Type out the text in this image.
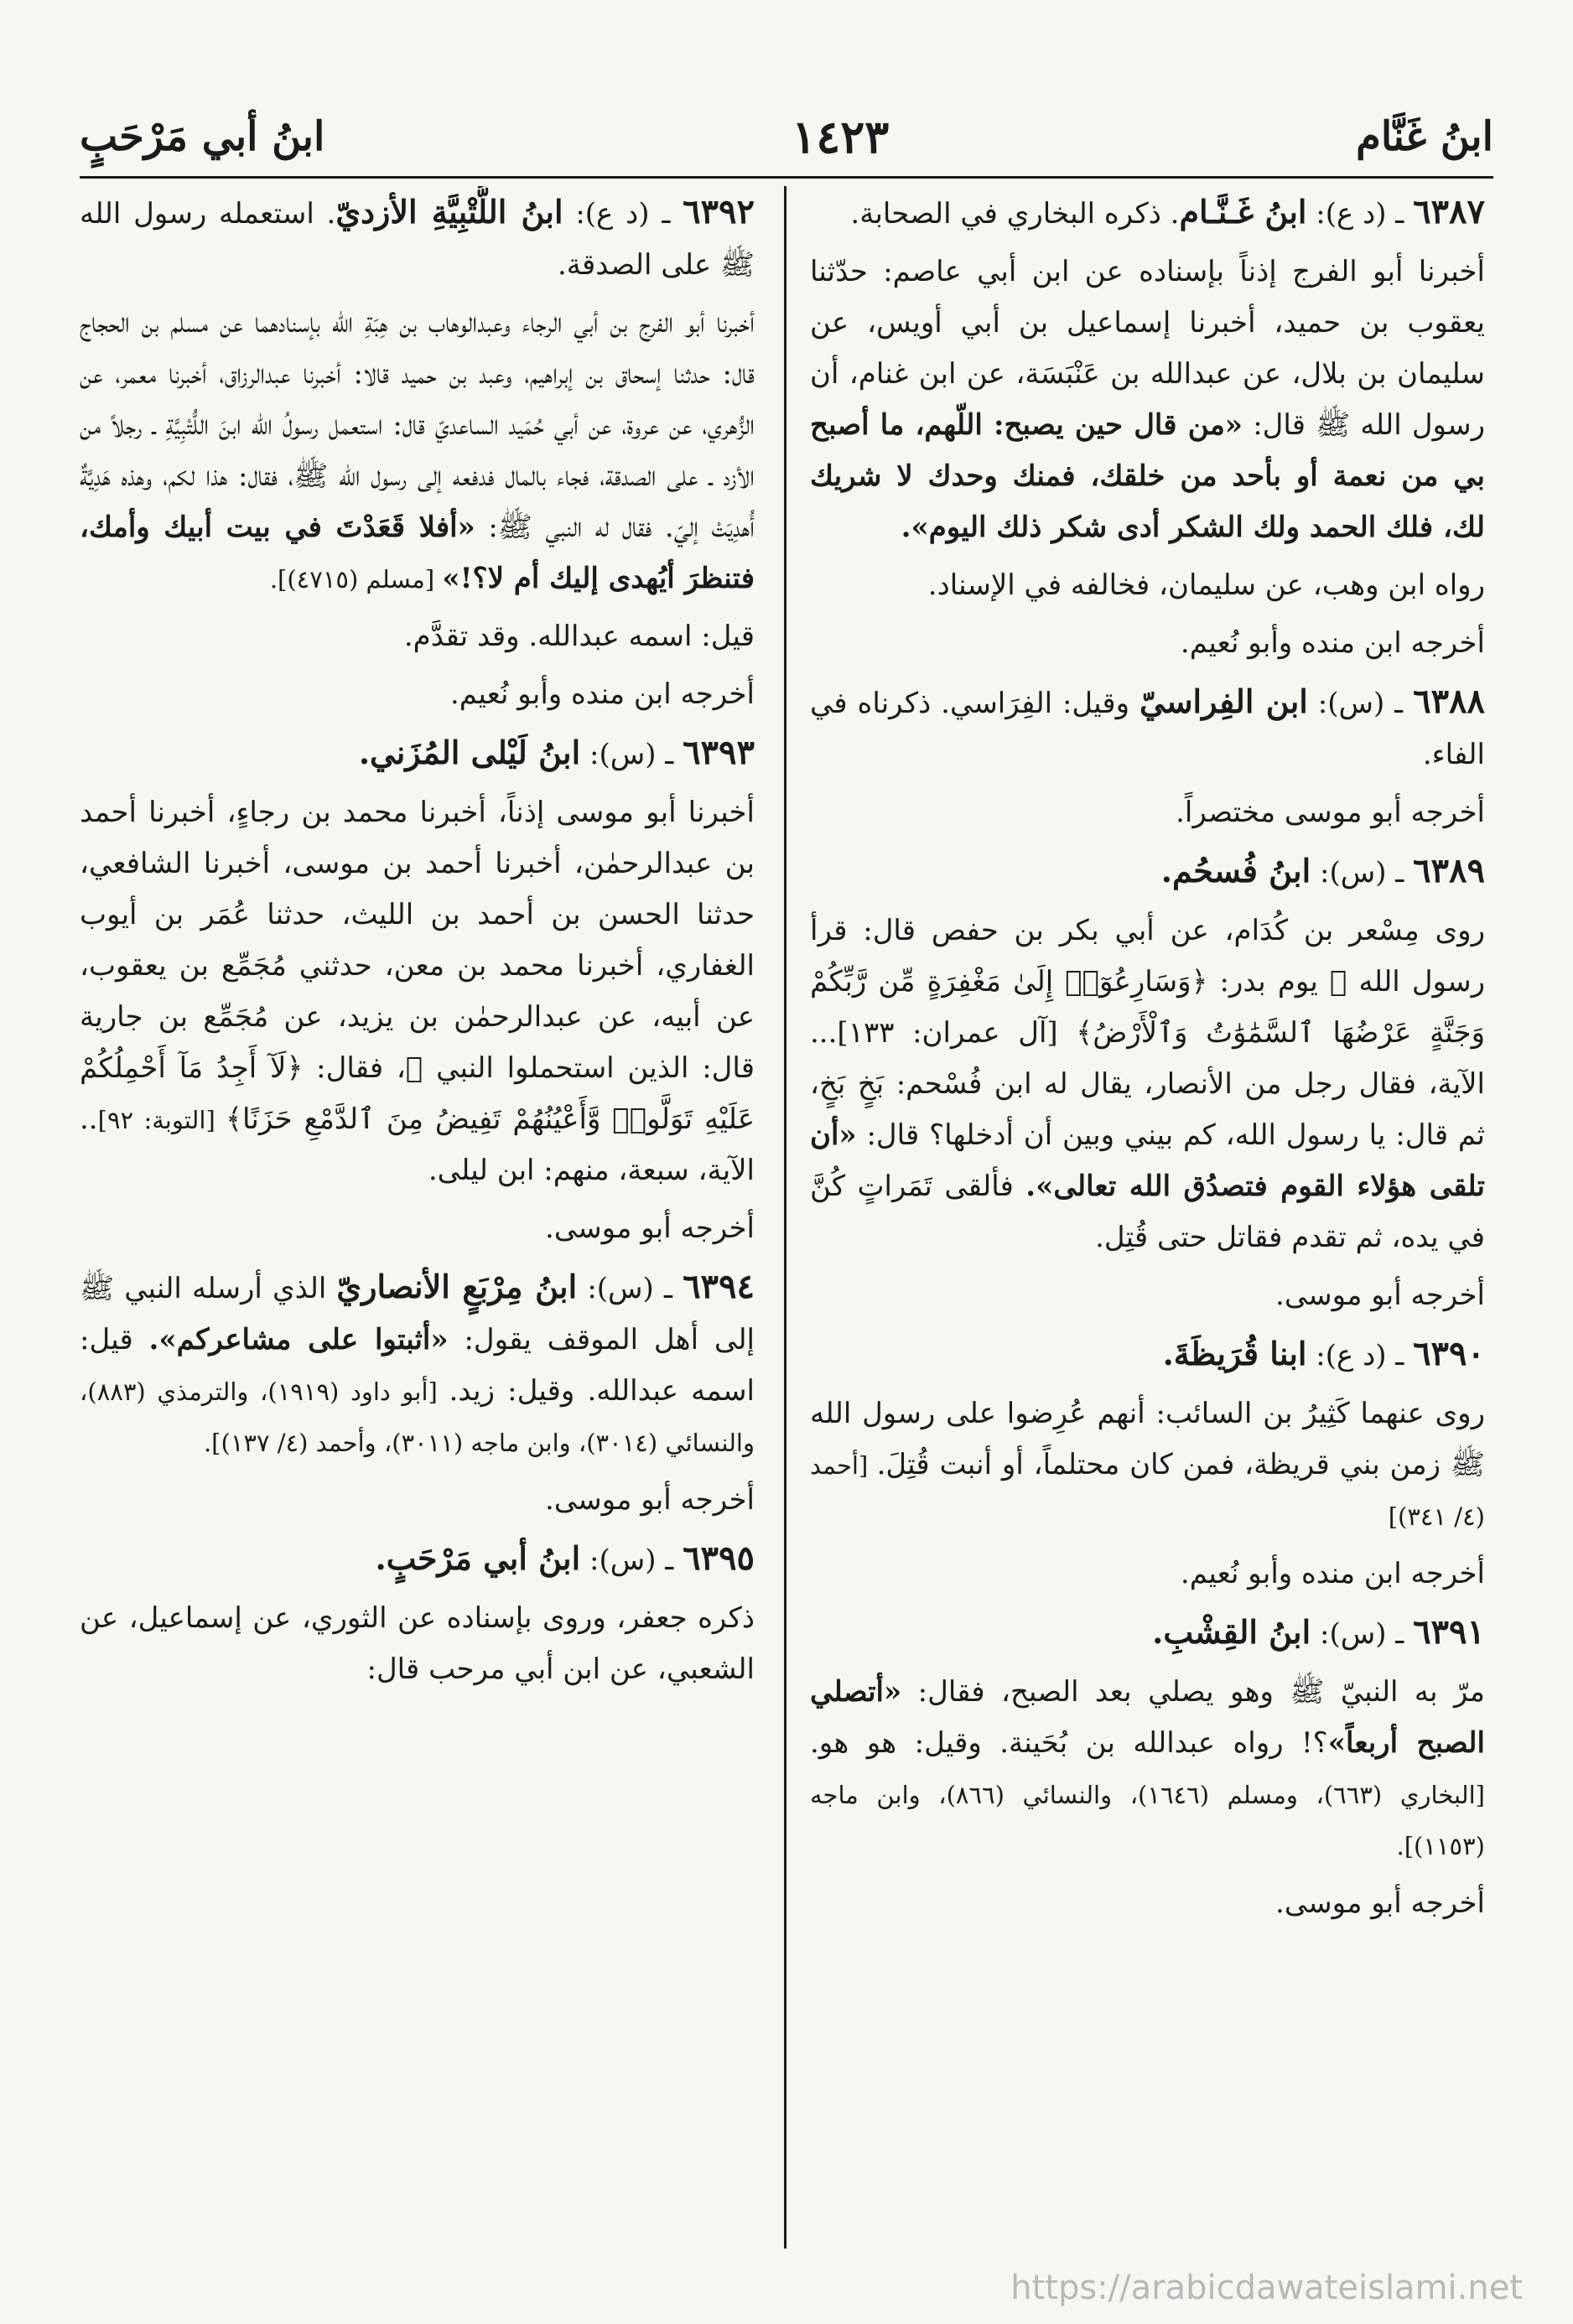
ابنُ غَنَّام
١٤٢٣
ابنُ أبي مَرْحَبٍ

٦٣٨٧ ـ (د ع): ابنُ غَـنَّـام. ذكره البخاري في الصحابة.

أخبرنا أبو الفرج إذناً بإسناده عن ابن أبي عاصم: حدّثنا يعقوب بن حميد، أخبرنا إسماعيل بن أبي أويس، عن سليمان بن بلال، عن عبدالله بن عَنْبَسَة، عن ابن غنام، أن رسول الله ﷺ قال: «من قال حين يصبح: اللّهم، ما أصبح بي من نعمة أو بأحد من خلقك، فمنك وحدك لا شريك لك، فلك الحمد ولك الشكر أدى شكر ذلك اليوم».

رواه ابن وهب، عن سليمان، فخالفه في الإسناد.

أخرجه ابن منده وأبو نُعيم.

٦٣٨٨ ـ (س): ابن الفِراسيّ وقيل: الفِرَاسي. ذكرناه في الفاء.

أخرجه أبو موسى مختصراً.

٦٣٨٩ ـ (س): ابنُ فُسحُم.

روى مِسْعر بن كُدَام، عن أبي بكر بن حفص قال: قرأ رسول الله ﷺ يوم بدر: ﴿وَسَارِعُوٓا۟ إِلَىٰ مَغْفِرَةٍ مِّن رَّبِّكُمْ وَجَنَّةٍ عَرْضُهَا ٱلسَّمَٰوَٰتُ وَٱلْأَرْضُ﴾ [آل عمران: ١٣٣]... الآية، فقال رجل من الأنصار، يقال له ابن فُسْحم: بَخٍ بَخٍ، ثم قال: يا رسول الله، كم بيني وبين أن أدخلها؟ قال: «أن تلقى هؤلاء القوم فتصدُق الله تعالى». فألقى تَمَراتٍ كُنَّ في يده، ثم تقدم فقاتل حتى قُتِل.

أخرجه أبو موسى.

٦٣٩٠ ـ (د ع): ابنا قُرَيظَةَ.

روى عنهما كَثِيرُ بن السائب: أنهم عُرِضوا على رسول الله ﷺ زمن بني قريظة، فمن كان محتلماً، أو أنبت قُتِلَ. [أحمد (٤/ ٣٤١)]

أخرجه ابن منده وأبو نُعيم.

٦٣٩١ ـ (س): ابنُ القِشْبِ.

مرّ به النبيّ ﷺ وهو يصلي بعد الصبح، فقال: «أتصلي الصبح أربعاً»؟! رواه عبدالله بن بُحَينة. وقيل: هو هو. [البخاري (٦٦٣)، ومسلم (١٦٤٦)، والنسائي (٨٦٦)، وابن ماجه (١١٥٣)].

أخرجه أبو موسى.

٦٣٩٢ ـ (د ع): ابنُ اللُّتْبِيَّةِ الأزديّ. استعمله رسول الله ﷺ على الصدقة.

أخبرنا أبو الفرج بن أبي الرجاء وعبدالوهاب بن هِبَةِ الله بإسنادهما عن مسلم بن الحجاج قال: حدثنا إسحاق بن إبراهيم، وعبد بن حميد قالا: أخبرنا عبدالرزاق، أخبرنا معمر، عن الزُّهري، عن عروة، عن أبي حُمَيد الساعديّ قال: استعمل رسولُ الله ابنَ اللُّتْبِيَّةِ ـ رجلاً من الأزد ـ على الصدقة، فجاء بالمال فدفعه إلى رسول الله ﷺ، فقال: هذا لكم، وهذه هَدِيَّةٌ أُهدِيَتْ إليّ. فقال له النبي ﷺ: «أفلا قَعَدْتَ في بيت أبيك وأمك، فتنظرَ أيُهدى إليك أم لا؟!» [مسلم (٤٧١٥)].

قيل: اسمه عبدالله. وقد تقدَّم.

أخرجه ابن منده وأبو نُعيم.

٦٣٩٣ ـ (س): ابنُ لَيْلى المُزَني.

أخبرنا أبو موسى إذناً، أخبرنا محمد بن رجاءٍ، أخبرنا أحمد بن عبدالرحمٰن، أخبرنا أحمد بن موسى، أخبرنا الشافعي، حدثنا الحسن بن أحمد بن الليث، حدثنا عُمَر بن أيوب الغفاري، أخبرنا محمد بن معن، حدثني مُجَمِّع بن يعقوب، عن أبيه، عن عبدالرحمٰن بن يزيد، عن مُجَمِّع بن جارية قال: الذين استحملوا النبي ﷺ، فقال: ﴿لَآ أَجِدُ مَآ أَحْمِلُكُمْ عَلَيْهِ تَوَلَّوا۟ وَّأَعْيُنُهُمْ تَفِيضُ مِنَ ٱلدَّمْعِ حَزَنًا﴾ [التوبة: ٩٢].. الآية، سبعة، منهم: ابن ليلى.

أخرجه أبو موسى.

٦٣٩٤ ـ (س): ابنُ مِرْبَعٍ الأنصاريّ الذي أرسله النبي ﷺ إلى أهل الموقف يقول: «أثبتوا على مشاعركم». قيل: اسمه عبدالله. وقيل: زيد. [أبو داود (١٩١٩)، والترمذي (٨٨٣)، والنسائي (٣٠١٤)، وابن ماجه (٣٠١١)، وأحمد (٤/ ١٣٧)].

أخرجه أبو موسى.

٦٣٩٥ ـ (س): ابنُ أبي مَرْحَبٍ.

ذكره جعفر، وروى بإسناده عن الثوري، عن إسماعيل، عن الشعبي، عن ابن أبي مرحب قال:

https://arabicdawateislami.net
